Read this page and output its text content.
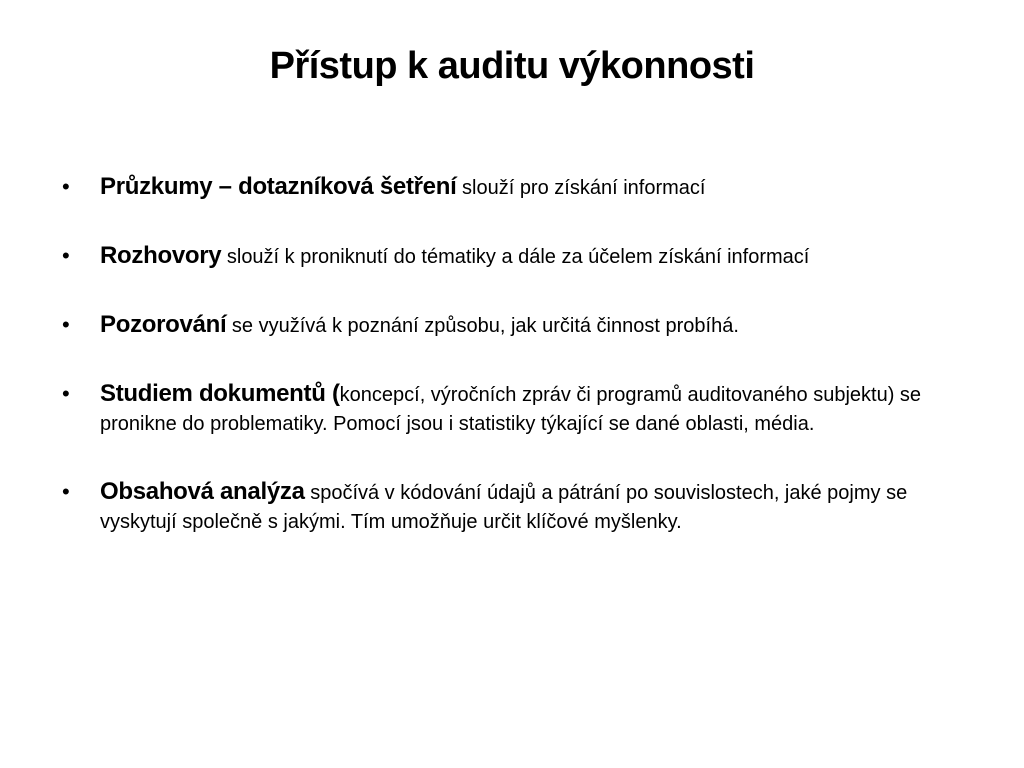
Přístup k auditu výkonnosti
• Průzkumy – dotazníková šetření slouží pro získání informací
• Rozhovory slouží k proniknutí do tématiky a dále za účelem získání informací
• Pozorování se využívá k poznání způsobu, jak určitá činnost probíhá.
• Studiem dokumentů (koncepcí, výročních zpráv či programů auditovaného subjektu) se pronikne do problematiky. Pomocí jsou i statistiky týkající se dané oblasti, média.
• Obsahová analýza spočívá v kódování údajů a pátrání po souvislostech, jaké pojmy se vyskytují společně s jakými. Tím umožňuje určit klíčové myšlenky.
